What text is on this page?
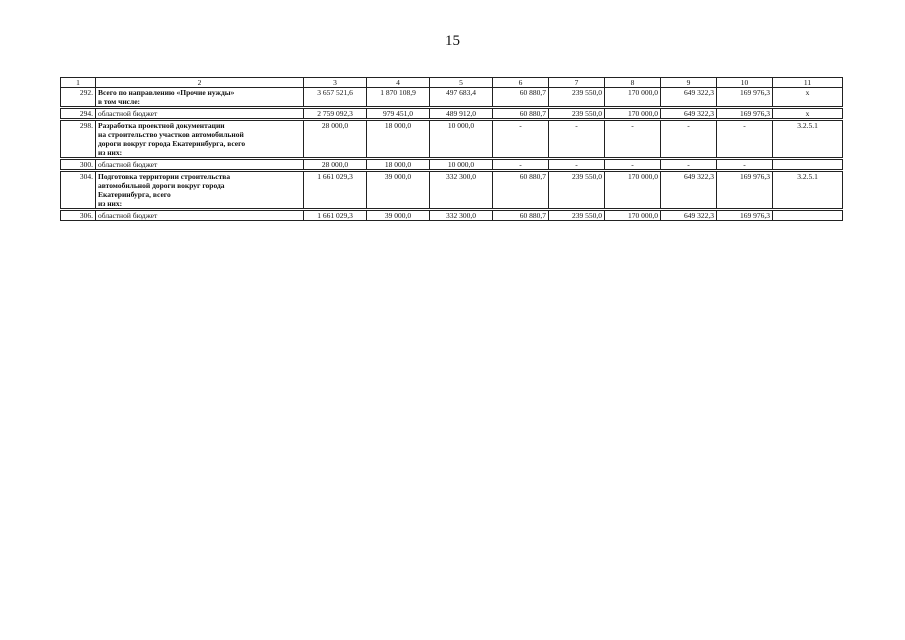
15
1	2	3	4	5	6	7	8	9	10	11
292.	Всего по направлению «Прочие нужды»
в том числе:	3 657 521,6	1 870 108,9	497 683,4	60 880,7	239 550,0	170 000,0	649 322,3	169 976,3	х

294.	областной бюджет	2 759 092,3	979 451,0	489 912,0	60 880,7	239 550,0	170 000,0	649 322,3	169 976,3	х

298.	Разработка проектной документации
на строительство участков автомобильной
дороги вокруг города Екатеринбурга, всего
из них:	28 000,0	18 000,0	10 000,0	-	-	-	-	-	3.2.5.1

300.	областной бюджет	28 000,0	18 000,0	10 000,0	-	-	-	-	-	

304.	Подготовка территории строительства
автомобильной дороги вокруг города
Екатеринбурга, всего
из них:	1 661 029,3	39 000,0	332 300,0	60 880,7	239 550,0	170 000,0	649 322,3	169 976,3	3.2.5.1

306.	областной бюджет	1 661 029,3	39 000,0	332 300,0	60 880,7	239 550,0	170 000,0	649 322,3	169 976,3	
